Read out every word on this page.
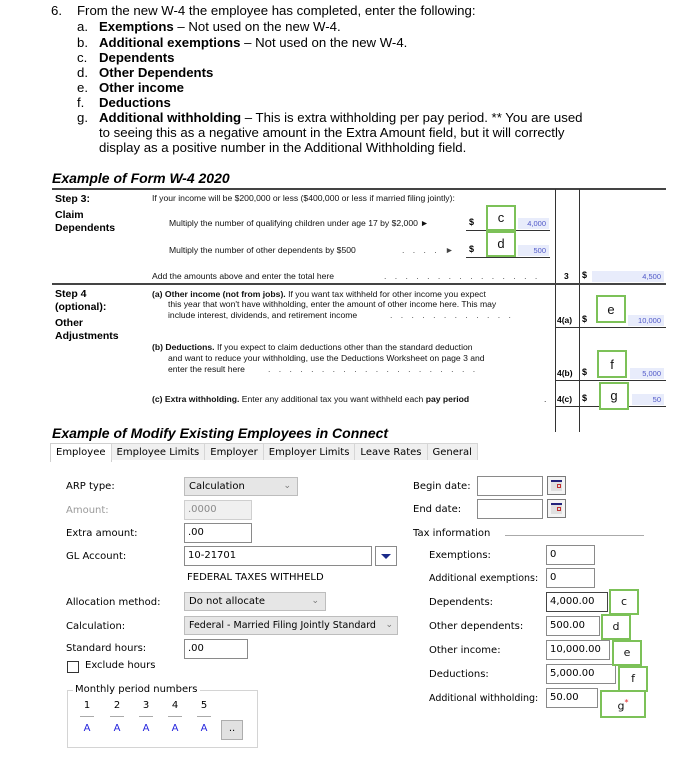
6. From the new W-4 the employee has completed, enter the following:
a. Exemptions – Not used on the new W-4.
b. Additional exemptions – Not used on the new W-4.
c. Dependents
d. Other Dependents
e. Other income
f. Deductions
g. Additional withholding – This is extra withholding per pay period. ** You are used
to seeing this as a negative amount in the Extra Amount field, but it will correctly
display as a positive number in the Additional Withholding field.
Example of Form W-4 2020
Step 3:
Claim
Dependents
If your income will be $200,000 or less ($400,000 or less if married filing jointly):
Multiply the number of qualifying children under age 17 by $2,000 ►	$	4,000
Multiply the number of other dependents by $500	. . . . ►	$	500
Add the amounts above and enter the total here	. . . . . . . . . . . . . . .	3 $	4,500
Step 4
(optional):
Other
Adjustments
(a) Other income (not from jobs). If you want tax withheld for other income you expect
this year that won't have withholding, enter the amount of other income here. This may
include interest, dividends, and retirement income	. . . . . . . . . . . .	4(a) $	10,000
(b) Deductions. If you expect to claim deductions other than the standard deduction
and want to reduce your withholding, use the Deductions Worksheet on page 3 and
enter the result here	. . . . . . . . . . . . . . . . . . . .	4(b) $	5,000
(c) Extra withholding. Enter any additional tax you want withheld each pay period	. 4(c) $	50
c
d
e
f
g
Example of Modify Existing Employees in Connect
Employee	Employee Limits	Employer	Employer Limits	Leave Rates	General
ARP type:	Calculation	⌄
Amount:	.0000
Extra amount:	.00
GL Account:	10-21701
FEDERAL TAXES WITHHELD
Allocation method:	Do not allocate	⌄
Calculation:	Federal - Married Filing Jointly Standard ⌄
Standard hours:	.00
Exclude hours
Monthly period numbers
1	2	3	4	5
A	A	A	A	A	..
Begin date:
End date:
Tax information
Exemptions:	0
Additional exemptions:	0
Dependents:	4,000.00
Other dependents:	500.00
Other income:	10,000.00
Deductions:	5,000.00
Additional withholding:	50.00
c
d
e
f
g*
